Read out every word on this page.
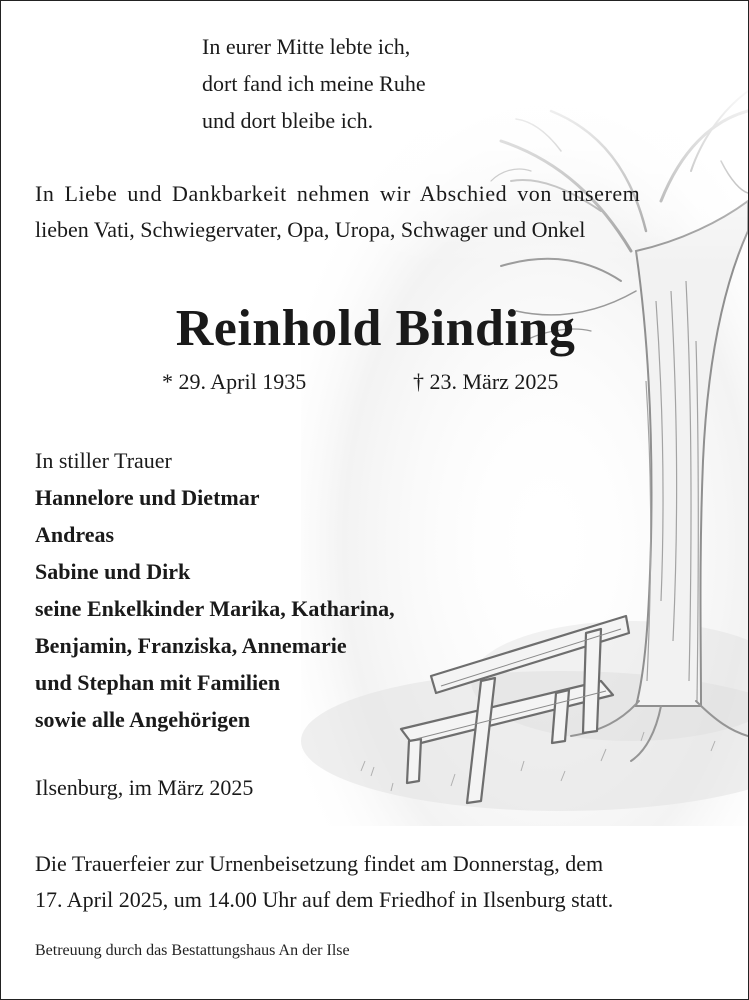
In eurer Mitte lebte ich,
dort fand ich meine Ruhe
und dort bleibe ich.
In Liebe und Dankbarkeit nehmen wir Abschied von unserem
lieben Vati, Schwiegervater, Opa, Uropa, Schwager und Onkel
Reinhold Binding
* 29. April 1935	† 23. März 2025
In stiller Trauer
Hannelore und Dietmar
Andreas
Sabine und Dirk
seine Enkelkinder Marika, Katharina,
Benjamin, Franziska, Annemarie
und Stephan mit Familien
sowie alle Angehörigen
Ilsenburg, im März 2025
Die Trauerfeier zur Urnenbeisetzung findet am Donnerstag, dem
17. April 2025, um 14.00 Uhr auf dem Friedhof in Ilsenburg statt.
Betreuung durch das Bestattungshaus An der Ilse
